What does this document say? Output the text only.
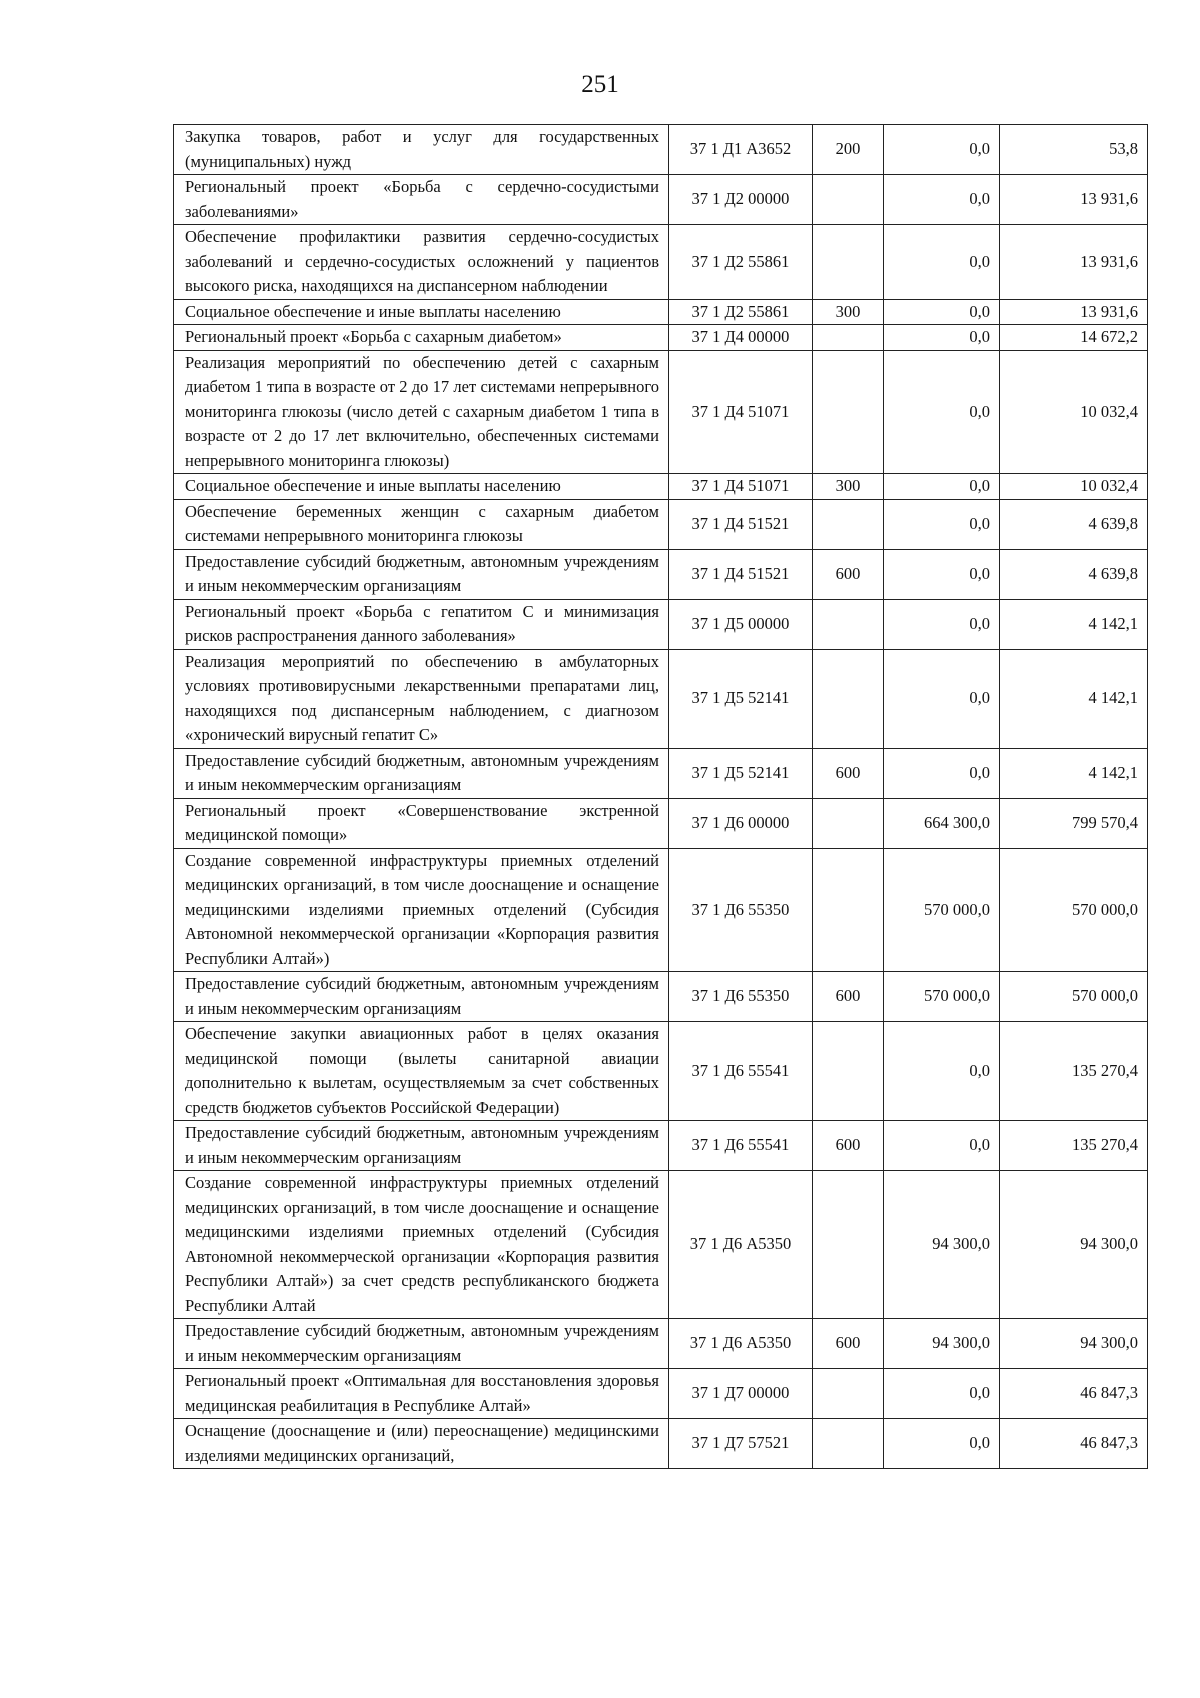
251
Закупка товаров, работ и услуг для государственных (муниципальных) нужд	37 1 Д1 А3652	200	0,0	53,8
Региональный проект «Борьба с сердечно-сосудистыми заболеваниями»	37 1 Д2 00000		0,0	13 931,6
Обеспечение профилактики развития сердечно-сосудистых заболеваний и сердечно-сосудистых осложнений у пациентов высокого риска, находящихся на диспансерном наблюдении	37 1 Д2 55861		0,0	13 931,6
Социальное обеспечение и иные выплаты населению	37 1 Д2 55861	300	0,0	13 931,6
Региональный проект «Борьба с сахарным диабетом»	37 1 Д4 00000		0,0	14 672,2
Реализация мероприятий по обеспечению детей с сахарным диабетом 1 типа в возрасте от 2 до 17 лет системами непрерывного мониторинга глюкозы (число детей с сахарным диабетом 1 типа в возрасте от 2 до 17 лет включительно, обеспеченных системами непрерывного мониторинга глюкозы)	37 1 Д4 51071		0,0	10 032,4
Социальное обеспечение и иные выплаты населению	37 1 Д4 51071	300	0,0	10 032,4
Обеспечение беременных женщин с сахарным диабетом системами непрерывного мониторинга глюкозы	37 1 Д4 51521		0,0	4 639,8
Предоставление субсидий бюджетным, автономным учреждениям и иным некоммерческим организациям	37 1 Д4 51521	600	0,0	4 639,8
Региональный проект «Борьба с гепатитом С и минимизация рисков распространения данного заболевания»	37 1 Д5 00000		0,0	4 142,1
Реализация мероприятий по обеспечению в амбулаторных условиях противовирусными лекарственными препаратами лиц, находящихся под диспансерным наблюдением, с диагнозом «хронический вирусный гепатит С»	37 1 Д5 52141		0,0	4 142,1
Предоставление субсидий бюджетным, автономным учреждениям и иным некоммерческим организациям	37 1 Д5 52141	600	0,0	4 142,1
Региональный проект «Совершенствование экстренной медицинской помощи»	37 1 Д6 00000		664 300,0	799 570,4
Создание современной инфраструктуры приемных отделений медицинских организаций, в том числе дооснащение и оснащение медицинскими изделиями приемных отделений (Субсидия Автономной некоммерческой организации «Корпорация развития Республики Алтай»)	37 1 Д6 55350		570 000,0	570 000,0
Предоставление субсидий бюджетным, автономным учреждениям и иным некоммерческим организациям	37 1 Д6 55350	600	570 000,0	570 000,0
Обеспечение закупки авиационных работ в целях оказания медицинской помощи (вылеты санитарной авиации дополнительно к вылетам, осуществляемым за счет собственных средств бюджетов субъектов Российской Федерации)	37 1 Д6 55541		0,0	135 270,4
Предоставление субсидий бюджетным, автономным учреждениям и иным некоммерческим организациям	37 1 Д6 55541	600	0,0	135 270,4
Создание современной инфраструктуры приемных отделений медицинских организаций, в том числе дооснащение и оснащение медицинскими изделиями приемных отделений (Субсидия Автономной некоммерческой организации «Корпорация развития Республики Алтай») за счет средств республиканского бюджета Республики Алтай	37 1 Д6 А5350		94 300,0	94 300,0
Предоставление субсидий бюджетным, автономным учреждениям и иным некоммерческим организациям	37 1 Д6 А5350	600	94 300,0	94 300,0
Региональный проект «Оптимальная для восстановления здоровья медицинская реабилитация в Республике Алтай»	37 1 Д7 00000		0,0	46 847,3
Оснащение (дооснащение и (или) переоснащение) медицинскими изделиями медицинских организаций,	37 1 Д7 57521		0,0	46 847,3
